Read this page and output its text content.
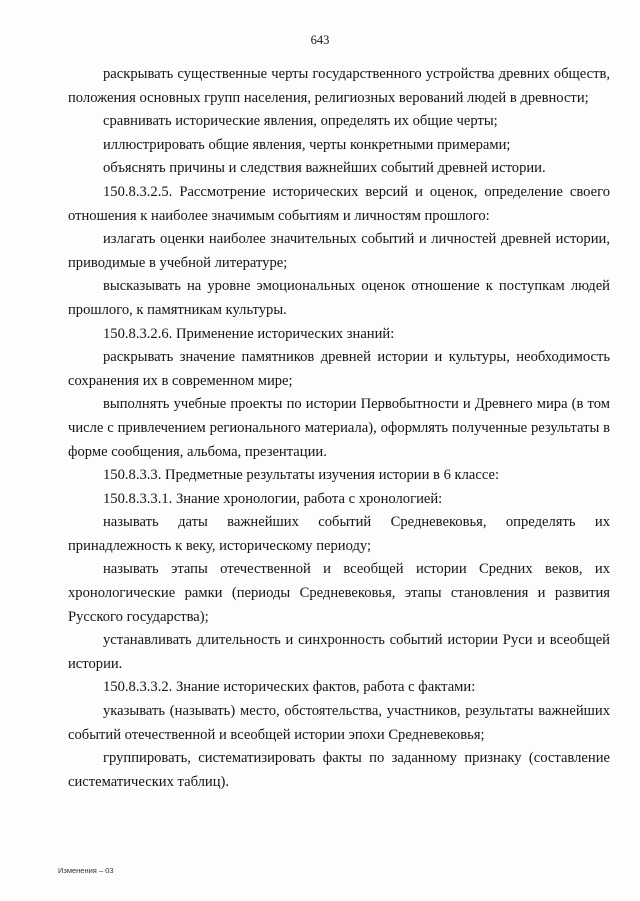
643

раскрывать существенные черты государственного устройства древних обществ, положения основных групп населения, религиозных верований людей в древности;

сравнивать исторические явления, определять их общие черты;

иллюстрировать общие явления, черты конкретными примерами;

объяснять причины и следствия важнейших событий древней истории.

150.8.3.2.5. Рассмотрение исторических версий и оценок, определение своего отношения к наиболее значимым событиям и личностям прошлого:

излагать оценки наиболее значительных событий и личностей древней истории, приводимые в учебной литературе;

высказывать на уровне эмоциональных оценок отношение к поступкам людей прошлого, к памятникам культуры.

150.8.3.2.6. Применение исторических знаний:

раскрывать значение памятников древней истории и культуры, необходимость сохранения их в современном мире;

выполнять учебные проекты по истории Первобытности и Древнего мира (в том числе с привлечением регионального материала), оформлять полученные результаты в форме сообщения, альбома, презентации.

150.8.3.3. Предметные результаты изучения истории в 6 классе:

150.8.3.3.1. Знание хронологии, работа с хронологией:

называть даты важнейших событий Средневековья, определять их принадлежность к веку, историческому периоду;

называть этапы отечественной и всеобщей истории Средних веков, их хронологические рамки (периоды Средневековья, этапы становления и развития Русского государства);

устанавливать длительность и синхронность событий истории Руси и всеобщей истории.

150.8.3.3.2. Знание исторических фактов, работа с фактами:

указывать (называть) место, обстоятельства, участников, результаты важнейших событий отечественной и всеобщей истории эпохи Средневековья;

группировать, систематизировать факты по заданному признаку (составление систематических таблиц).

Изменения – 03
